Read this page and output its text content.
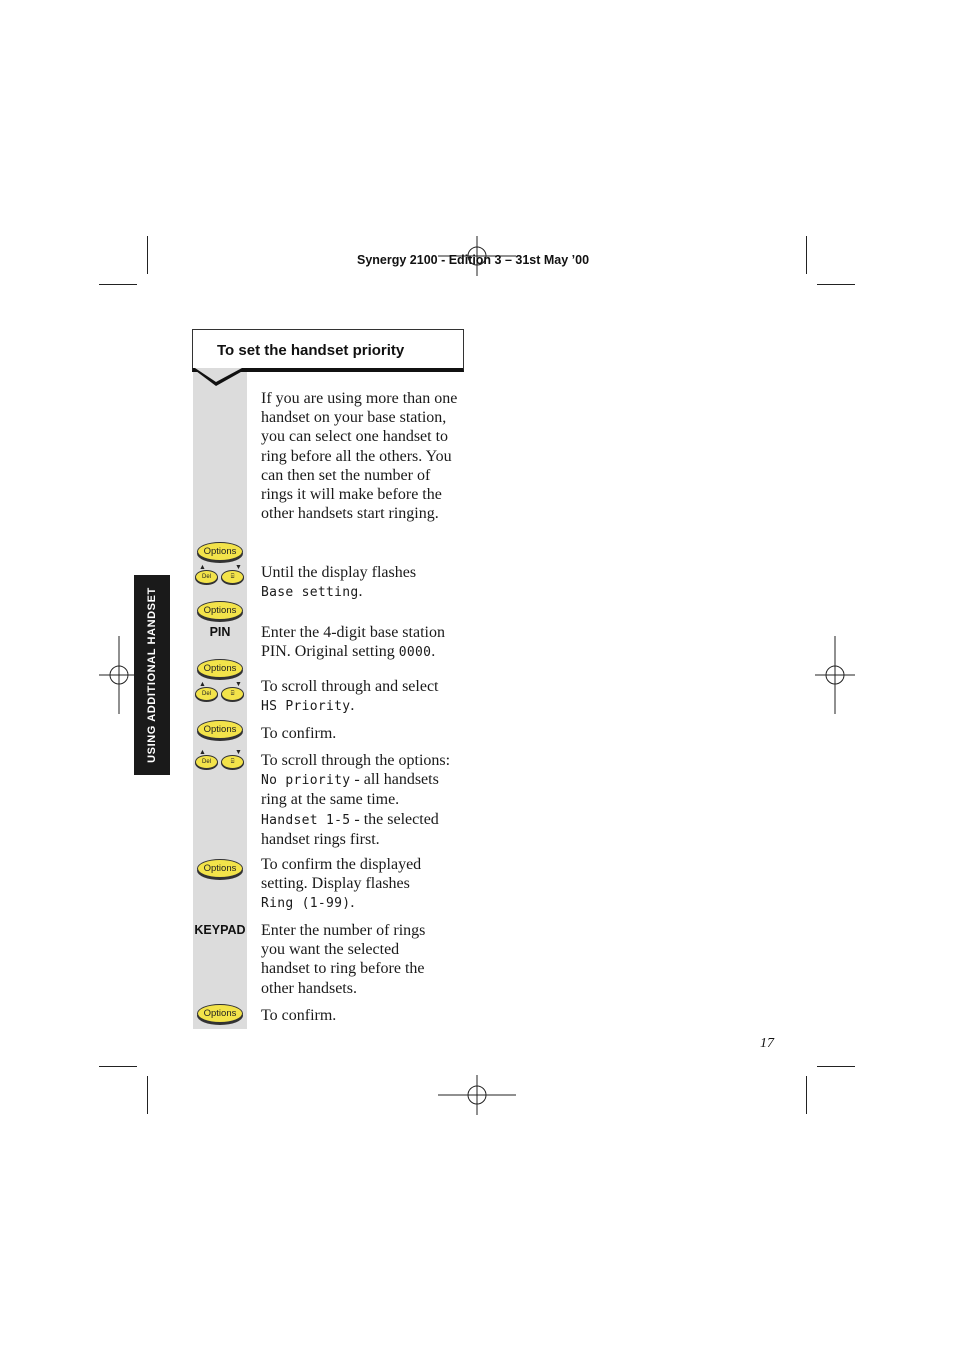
Synergy 2100 - Edition 3 – 31st May ’00
USING ADDITIONAL HANDSET
To set the handset priority
If you are using more than one handset on your base station, you can select one handset to ring before all the others. You can then set the number of rings it will make before the other handsets start ringing.
Options
▲
Del
▼
⌸	Until the display flashes
Base setting.
Options
PIN	Enter the 4-digit base station PIN. Original setting 0000.
Options
▲
Del
▼
⌸	To scroll through and select
HS Priority.
Options	To confirm.
▲
Del
▼
⌸	To scroll through the options:
No priority - all handsets ring at the same time.
Handset 1-5 - the selected handset rings first.
Options	To confirm the displayed setting. Display flashes
Ring (1-99).
KEYPAD Enter the number of rings you want the selected handset to ring before the other handsets.
Options	To confirm.
17
